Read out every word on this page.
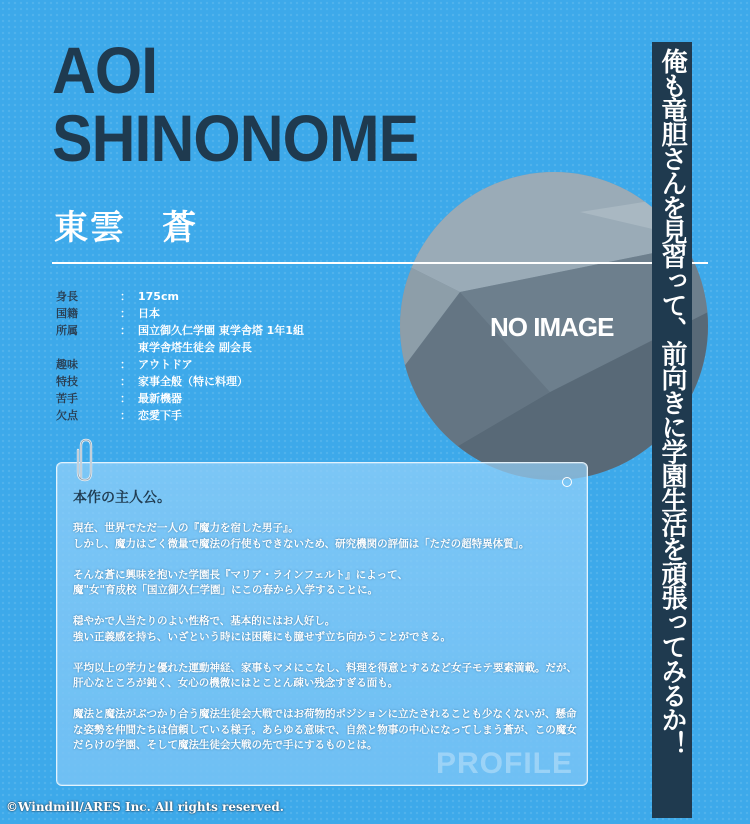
AOI
SHINONOME
東雲　蒼
NO IMAGE
身長	： 175cm
国籍	： 日本
所属	： 国立御久仁学園 東学舎塔 1年1組
東学舎塔生徒会 副会長
趣味	： アウトドア
特技	： 家事全般（特に料理）
苦手	： 最新機器
欠点	： 恋愛下手
本作の主人公。

現在、世界でただ一人の『魔力を宿した男子』。
しかし、魔力はごく微量で魔法の行使もできないため、研究機関の評価は「ただの超特異体質」。

そんな蒼に興味を抱いた学園長『マリア・ラインフェルト』によって、
魔"女"育成校「国立御久仁学園」にこの春から入学することに。

穏やかで人当たりのよい性格で、基本的にはお人好し。
強い正義感を持ち、いざという時には困難にも臆せず立ち向かうことができる。

平均以上の学力と優れた運動神経、家事もマメにこなし、料理を得意とするなど女子モテ要素満載。だが、肝心なところが鈍く、女心の機微にはとことん疎い残念すぎる面も。

魔法と魔法がぶつかり合う魔法生徒会大戦ではお荷物的ポジションに立たされることも少なくないが、懸命な姿勢を仲間たちは信頼している様子。あらゆる意味で、自然と物事の中心になってしまう蒼が、この魔女だらけの学園、そして魔法生徒会大戦の先で手にするものとは。

PROFILE
俺も竜胆さんを見習って、前向きに学園生活を頑張ってみるか！
©Windmill/ARES Inc. All rights reserved.
